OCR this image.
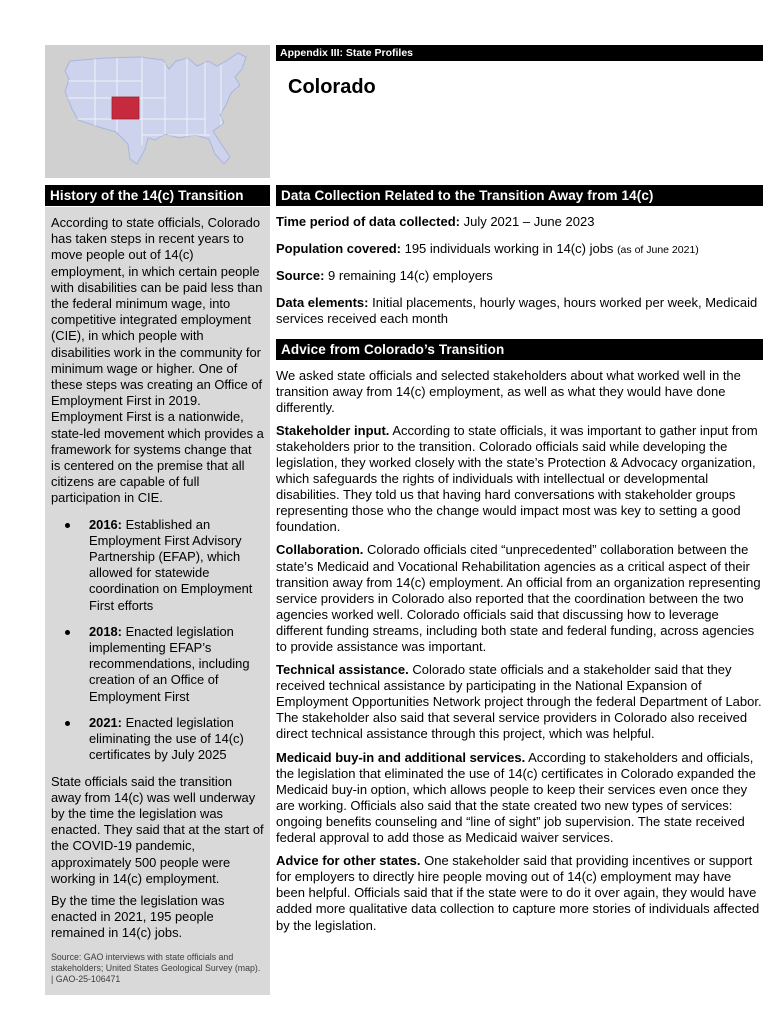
History of the 14(c) Transition

According to state officials, Colorado has taken steps in recent years to move people out of 14(c) employment, in which certain people with disabilities can be paid less than the federal minimum wage, into competitive integrated employment (CIE), in which people with disabilities work in the community for minimum wage or higher. One of these steps was creating an Office of Employment First in 2019. Employment First is a nationwide, state-led movement which provides a framework for systems change that is centered on the premise that all citizens are capable of full participation in CIE.

2016: Established an Employment First Advisory Partnership (EFAP), which allowed for statewide coordination on Employment First efforts
2018: Enacted legislation implementing EFAP’s recommendations, including creation of an Office of Employment First
2021: Enacted legislation eliminating the use of 14(c) certificates by July 2025

State officials said the transition away from 14(c) was well underway by the time the legislation was enacted. They said that at the start of the COVID-19 pandemic, approximately 500 people were working in 14(c) employment.

By the time the legislation was enacted in 2021, 195 people remained in 14(c) jobs.

Source: GAO interviews with state officials and stakeholders; United States Geological Survey (map). | GAO-25-106471
Appendix III: State Profiles
Colorado
Data Collection Related to the Transition Away from 14(c)
Time period of data collected: July 2021 – June 2023
Population covered: 195 individuals working in 14(c) jobs (as of June 2021)
Source: 9 remaining 14(c) employers
Data elements: Initial placements, hourly wages, hours worked per week, Medicaid services received each month
Advice from Colorado’s Transition

We asked state officials and selected stakeholders about what worked well in the transition away from 14(c) employment, as well as what they would have done differently.

Stakeholder input. According to state officials, it was important to gather input from stakeholders prior to the transition. Colorado officials said while developing the legislation, they worked closely with the state’s Protection & Advocacy organization, which safeguards the rights of individuals with intellectual or developmental disabilities. They told us that having hard conversations with stakeholder groups representing those who the change would impact most was key to setting a good foundation.

Collaboration. Colorado officials cited “unprecedented” collaboration between the state’s Medicaid and Vocational Rehabilitation agencies as a critical aspect of their transition away from 14(c) employment. An official from an organization representing service providers in Colorado also reported that the coordination between the two agencies worked well. Colorado officials said that discussing how to leverage different funding streams, including both state and federal funding, across agencies to provide assistance was important.

Technical assistance. Colorado state officials and a stakeholder said that they received technical assistance by participating in the National Expansion of Employment Opportunities Network project through the federal Department of Labor. The stakeholder also said that several service providers in Colorado also received direct technical assistance through this project, which was helpful.

Medicaid buy-in and additional services. According to stakeholders and officials, the legislation that eliminated the use of 14(c) certificates in Colorado expanded the Medicaid buy-in option, which allows people to keep their services even once they are working. Officials also said that the state created two new types of services: ongoing benefits counseling and “line of sight” job supervision. The state received federal approval to add those as Medicaid waiver services.

Advice for other states. One stakeholder said that providing incentives or support for employers to directly hire people moving out of 14(c) employment may have been helpful. Officials said that if the state were to do it over again, they would have added more qualitative data collection to capture more stories of individuals affected by the legislation.
